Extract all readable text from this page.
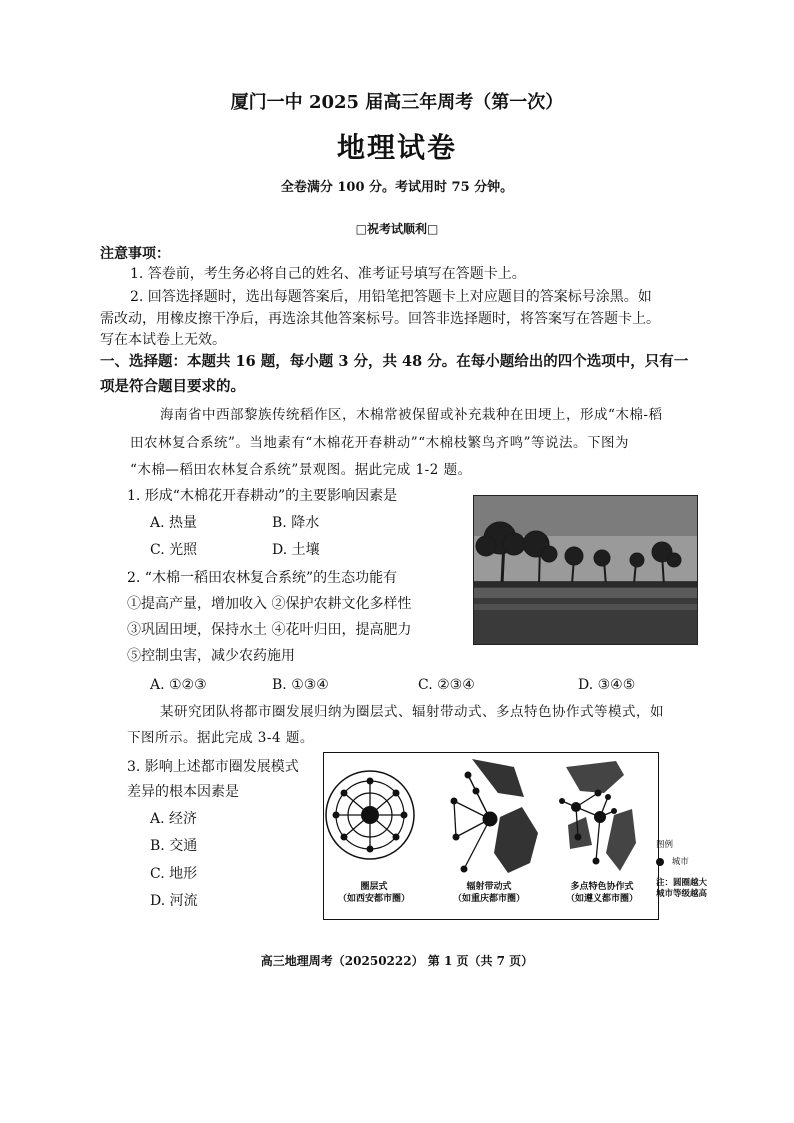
厦门一中 2025 届高三年周考（第一次）
地理试卷
全卷满分 100 分。考试用时 75 分钟。
□祝考试顺利□
注意事项：
1. 答卷前，考生务必将自己的姓名、准考证号填写在答题卡上。
2. 回答选择题时，选出每题答案后，用铅笔把答题卡上对应题目的答案标号涂黑。如
需改动，用橡皮擦干净后，再选涂其他答案标号。回答非选择题时，将答案写在答题卡上。
写在本试卷上无效。
一、选择题：本题共 16 题，每小题 3 分，共 48 分。在每小题给出的四个选项中，只有一
项是符合题目要求的。
海南省中西部黎族传统稻作区，木棉常被保留或补充栽种在田埂上，形成“木棉-稻
田农林复合系统”。当地素有“木棉花开春耕动”“木棉枝繁鸟齐鸣”等说法。下图为
“木棉—稻田农林复合系统”景观图。据此完成 1-2 题。
1. 形成“木棉花开春耕动”的主要影响因素是
A. 热量	B. 降水
C. 光照	D. 土壤
2. “木棉一稻田农林复合系统”的生态功能有
①提高产量，增加收入 ②保护农耕文化多样性
③巩固田埂，保持水土 ④花叶归田，提高肥力
⑤控制虫害，减少农药施用
A. ①②③	B. ①③④	C. ②③④	D. ③④⑤
某研究团队将都市圈发展归纳为圈层式、辐射带动式、多点特色协作式等模式，如
下图所示。据此完成 3-4 题。
3. 影响上述都市圈发展模式
差异的根本因素是
A. 经济
B. 交通
C. 地形
D. 河流
圈层式
（如西安都市圈）
辐射带动式
（如重庆都市圈）
多点特色协作式
（如遵义都市圈）
图例
城市
注：圆圈越大
城市等级越高
高三地理周考（20250222） 第 1 页（共 7 页）
